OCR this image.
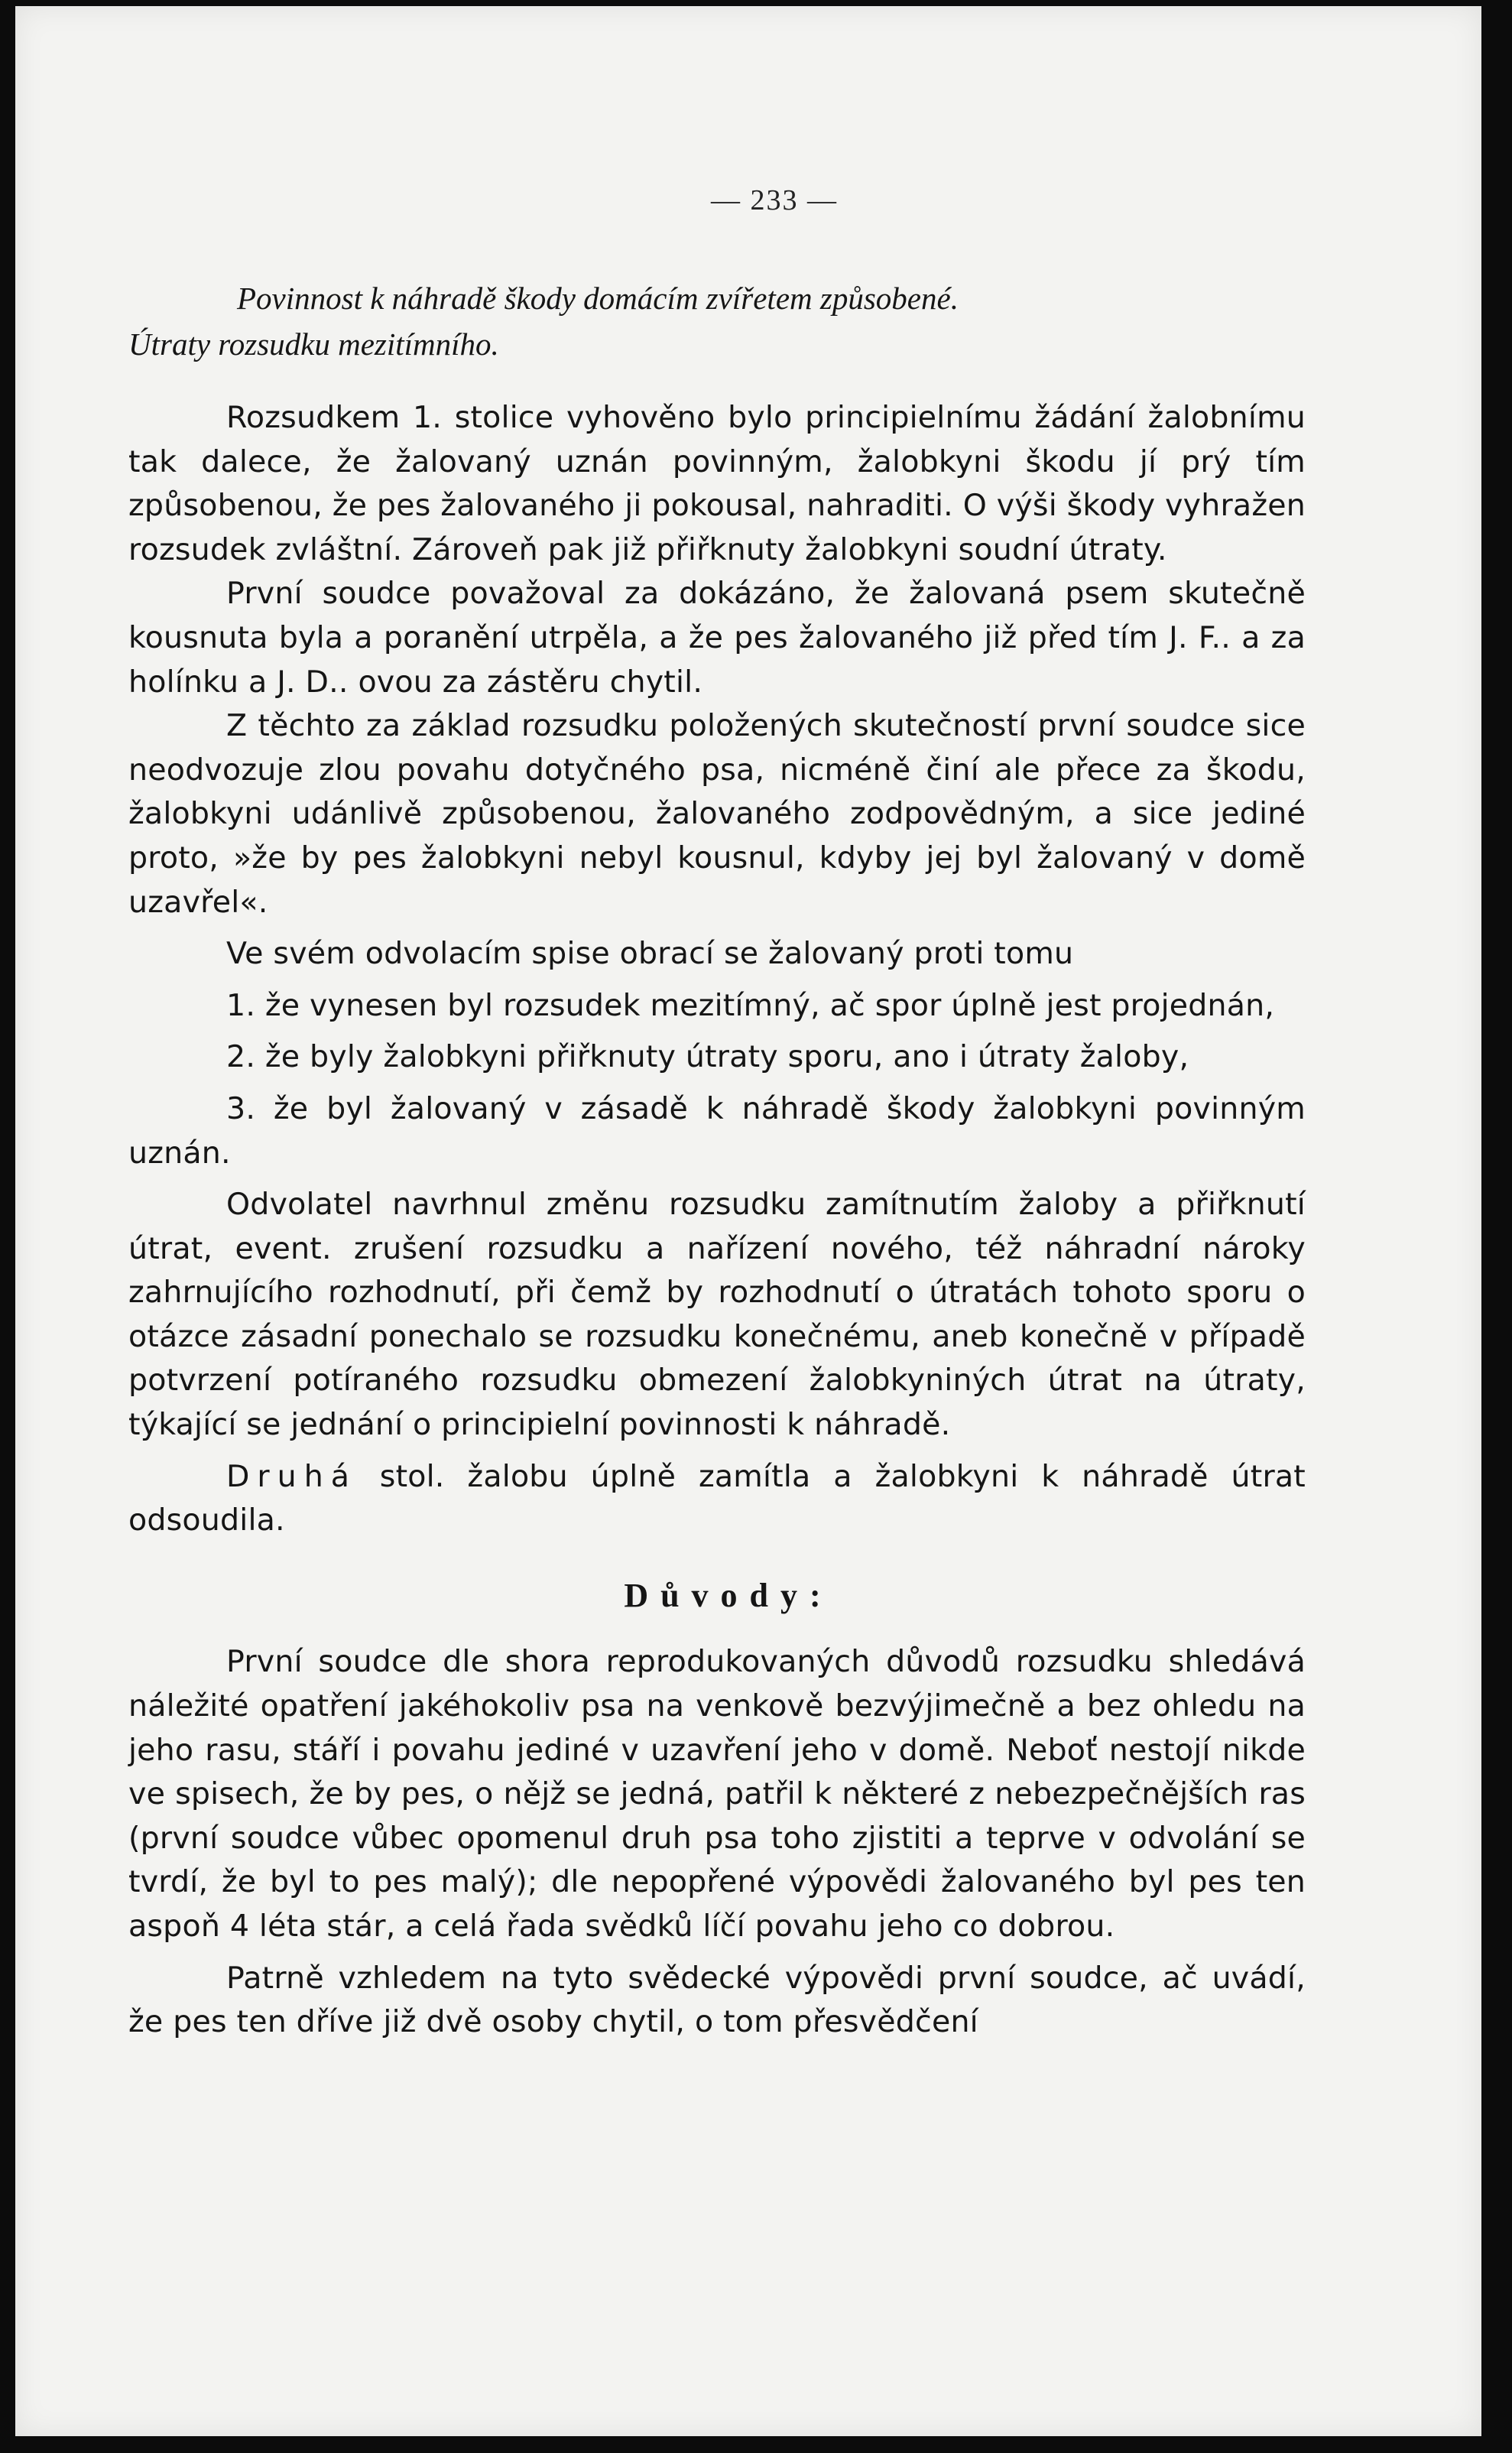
— 233 —
Povinnost k náhradě škody domácím zvířetem způsobené.
Útraty rozsudku mezitímního.

Rozsudkem 1. stolice vyhověno bylo principielnímu žádání žalobnímu tak dalece, že žalovaný uznán povinným, žalobkyni škodu jí prý tím způsobenou, že pes žalovaného ji pokousal, nahraditi. O výši škody vyhražen rozsudek zvláštní. Zároveň pak již přiřknuty žalobkyni soudní útraty.

První soudce považoval za dokázáno, že žalovaná psem skutečně kousnuta byla a poranění utrpěla, a že pes žalovaného již před tím J. F.. a za holínku a J. D.. ovou za zástěru chytil.

Z těchto za základ rozsudku položených skutečností první soudce sice neodvozuje zlou povahu dotyčného psa, nicméně činí ale přece za škodu, žalobkyni udánlivě způsobenou, žalovaného zodpovědným, a sice jediné proto, »že by pes žalobkyni nebyl kousnul, kdyby jej byl žalovaný v domě uzavřel«.

Ve svém odvolacím spise obrací se žalovaný proti tomu

1. že vynesen byl rozsudek mezitímný, ač spor úplně jest projednán,

2. že byly žalobkyni přiřknuty útraty sporu, ano i útraty žaloby,

3. že byl žalovaný v zásadě k náhradě škody žalobkyni povinným uznán.

Odvolatel navrhnul změnu rozsudku zamítnutím žaloby a přiřknutí útrat, event. zrušení rozsudku a nařízení nového, též náhradní nároky zahrnujícího rozhodnutí, při čemž by rozhodnutí o útratách tohoto sporu o otázce zásadní ponechalo se rozsudku konečnému, aneb konečně v případě potvrzení potíraného rozsudku obmezení žalobkyniných útrat na útraty, týkající se jednání o principielní povinnosti k náhradě.

Druhá stol. žalobu úplně zamítla a žalobkyni k náhradě útrat odsoudila.

Důvody:

První soudce dle shora reprodukovaných důvodů rozsudku shledává náležité opatření jakéhokoliv psa na venkově bezvýjimečně a bez ohledu na jeho rasu, stáří i povahu jediné v uzavření jeho v domě. Neboť nestojí nikde ve spisech, že by pes, o nějž se jedná, patřil k některé z nebezpečnějších ras (první soudce vůbec opomenul druh psa toho zjistiti a teprve v odvolání se tvrdí, že byl to pes malý); dle nepopřené výpovědi žalovaného byl pes ten aspoň 4 léta stár, a celá řada svědků líčí povahu jeho co dobrou.

Patrně vzhledem na tyto svědecké výpovědi první soudce, ač uvádí, že pes ten dříve již dvě osoby chytil, o tom přesvědčení
